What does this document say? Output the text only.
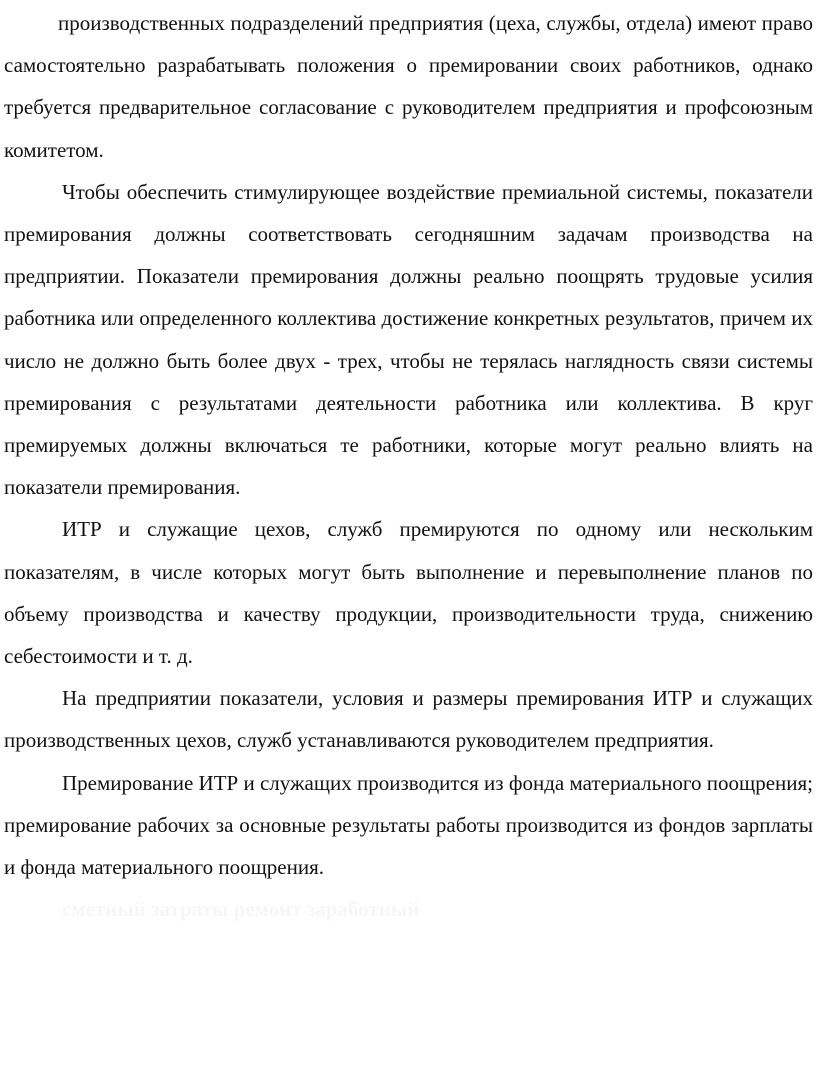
производственных подразделений предприятия (цеха, службы, отдела) имеют право самостоятельно разрабатывать положения о премировании своих работников, однако требуется предварительное согласование с руководителем предприятия и профсоюзным комитетом.

Чтобы обеспечить стимулирующее воздействие премиальной системы, показатели премирования должны соответствовать сегодняшним задачам производства на предприятии. Показатели премирования должны реально поощрять трудовые усилия работника или определенного коллектива достижение конкретных результатов, причем их число не должно быть более двух - трех, чтобы не терялась наглядность связи системы премирования с результатами деятельности работника или коллектива. В круг премируемых должны включаться те работники, которые могут реально влиять на показатели премирования.

ИТР и служащие цехов, служб премируются по одному или нескольким показателям, в числе которых могут быть выполнение и перевыполнение планов по объему производства и качеству продукции, производительности труда, снижению себестоимости и т. д.

На предприятии показатели, условия и размеры премирования ИТР и служащих производственных цехов, служб устанавливаются руководителем предприятия.

Премирование ИТР и служащих производится из фонда материального поощрения; премирование рабочих за основные результаты работы производится из фондов зарплаты и фонда материального поощрения.

сметный затраты ремонт заработный
